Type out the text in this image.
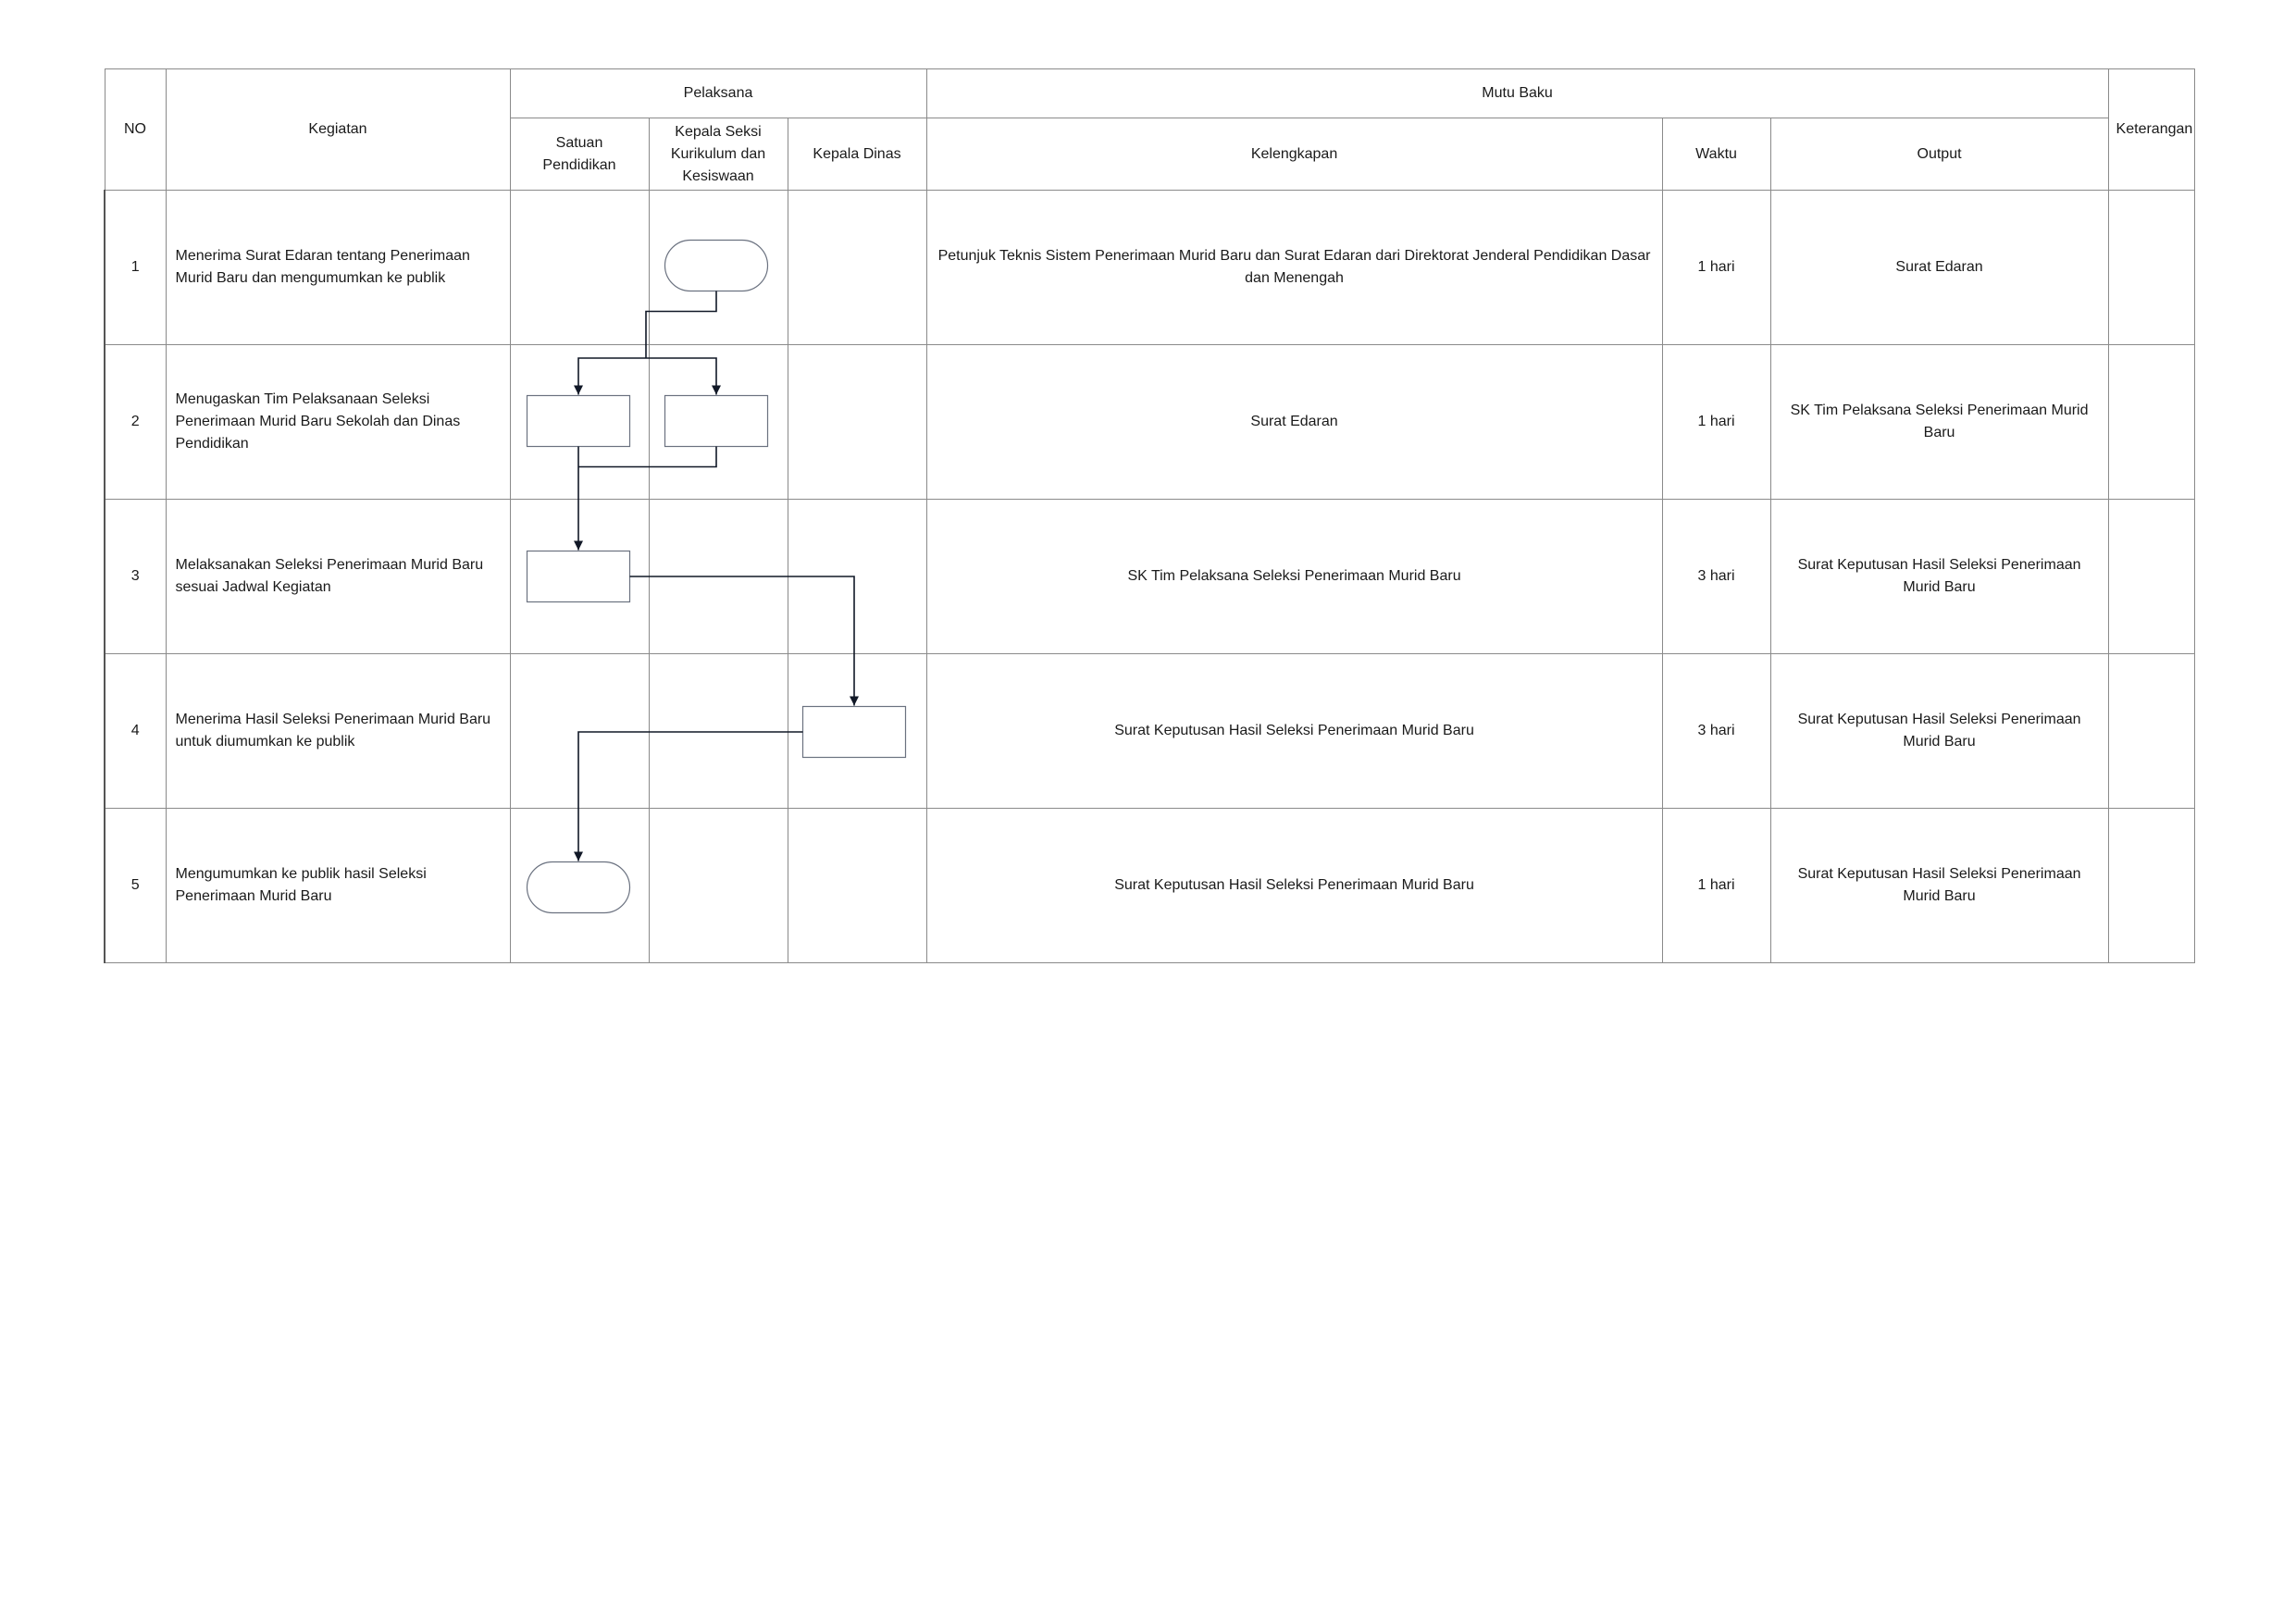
NO	Kegiatan	Pelaksana			Mutu Baku			Keterangan
		Satuan Pendidikan	Kepala Seksi Kurikulum dan Kesiswaan	Kepala Dinas	Kelengkapan	Waktu	Output	
1	Menerima Surat Edaran tentang Penerimaan Murid Baru dan mengumumkan ke publik				Petunjuk Teknis Sistem Penerimaan Murid Baru dan Surat Edaran dari Direktorat Jenderal Pendidikan Dasar dan Menengah	1 hari	Surat Edaran	
2	Menugaskan Tim Pelaksanaan Seleksi Penerimaan Murid Baru Sekolah dan Dinas Pendidikan				Surat Edaran	1 hari	SK Tim Pelaksana Seleksi Penerimaan Murid Baru	
3	Melaksanakan Seleksi Penerimaan Murid Baru sesuai Jadwal Kegiatan				SK Tim Pelaksana Seleksi Penerimaan Murid Baru	3 hari	Surat Keputusan Hasil Seleksi Penerimaan Murid Baru	
4	Menerima Hasil Seleksi Penerimaan Murid Baru untuk diumumkan ke publik				Surat Keputusan Hasil Seleksi Penerimaan Murid Baru	3 hari	Surat Keputusan Hasil Seleksi Penerimaan Murid Baru	
5	Mengumumkan ke publik hasil Seleksi Penerimaan Murid Baru				Surat Keputusan Hasil Seleksi Penerimaan Murid Baru	1 hari	Surat Keputusan Hasil Seleksi Penerimaan Murid Baru	
